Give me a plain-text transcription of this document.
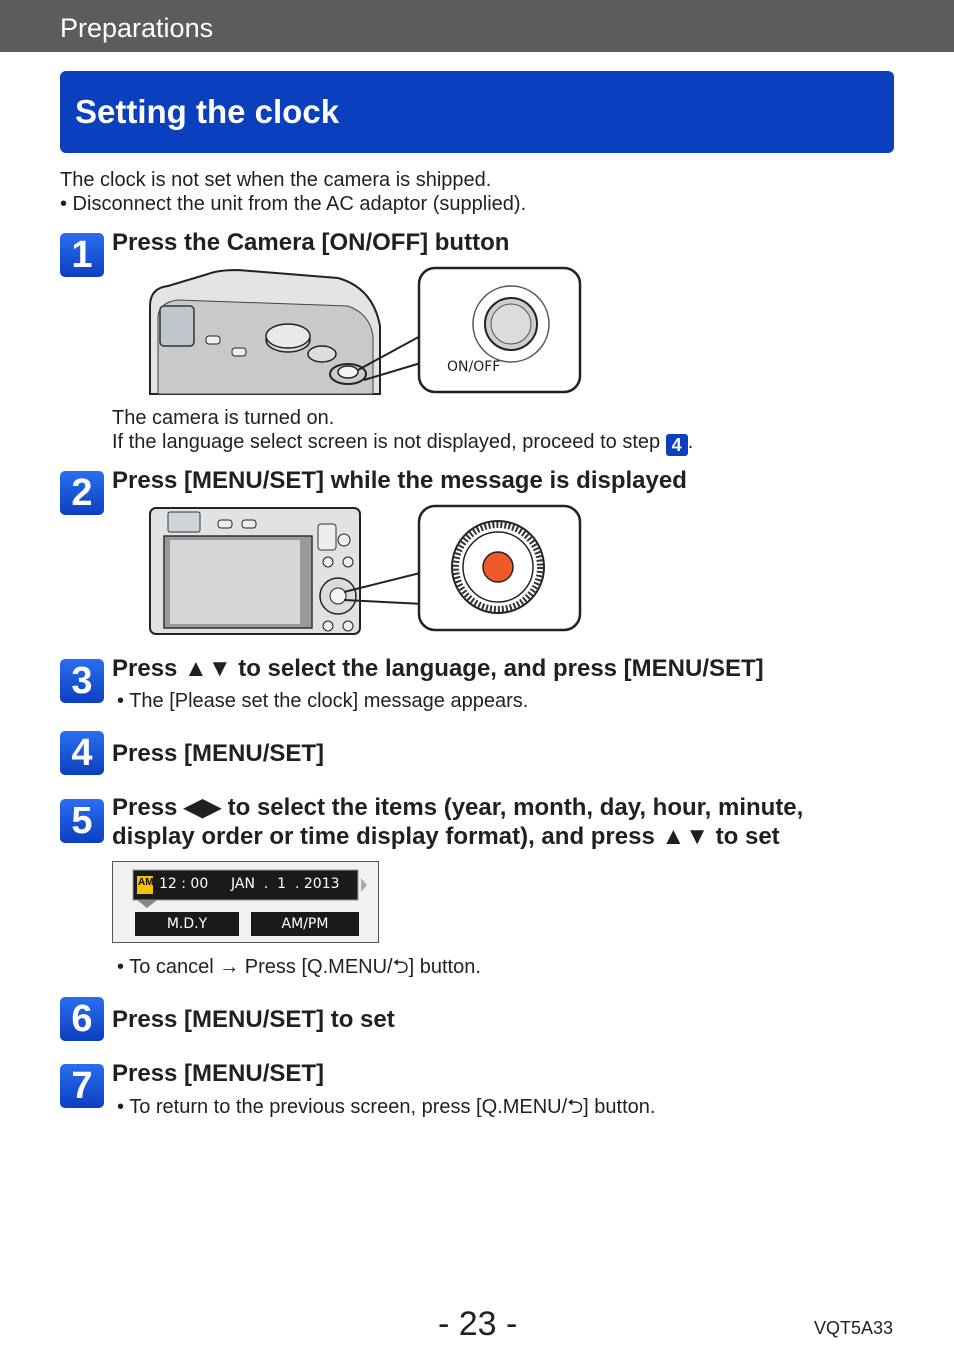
Preparations
Setting the clock
The clock is not set when the camera is shipped.
• Disconnect the unit from the AC adaptor (supplied).
1 Press the Camera [ON/OFF] button
ON/OFF
The camera is turned on.
If the language select screen is not displayed, proceed to step 4 .
2 Press [MENU/SET] while the message is displayed
3 Press ▲▼ to select the language, and press [MENU/SET]
• The [Please set the clock] message appears.
4 Press [MENU/SET]
5 Press ◀▶ to select the items (year, month, day, hour, minute,
display order or time display format), and press ▲▼ to set
AM 12 : 00 JAN  .  1  . 2013
M.D.Y	AM/PM
• To cancel → Press [Q.MENU/⮌] button.
6 Press [MENU/SET] to set
7 Press [MENU/SET]
• To return to the previous screen, press [Q.MENU/⮌] button.
- 23 -	VQT5A33
